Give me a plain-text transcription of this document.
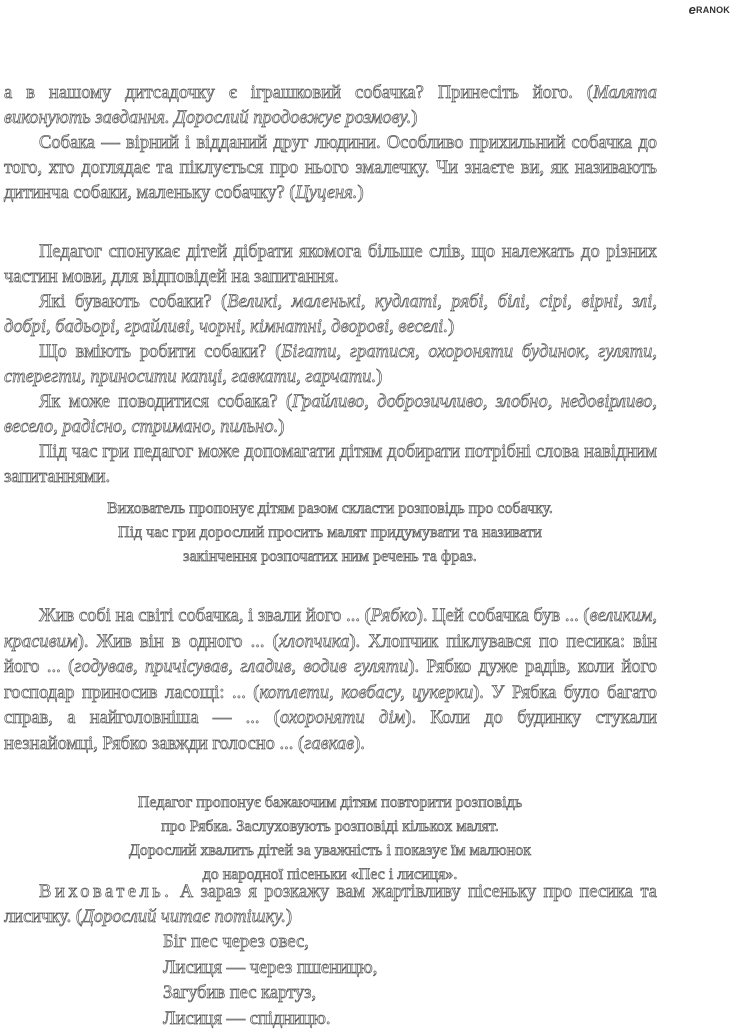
eRANOK

а в нашому дитсадочку є іграшковий собачка? Принесіть його. (Малята виконують завдання. Дорослий продовжує розмову.)

Собака — вірний і відданий друг людини. Особливо прихильний собачка до того, хто доглядає та піклується про нього змалечку. Чи знаєте ви, як називають дитинча собаки, маленьку собачку? (Цуценя.)

Педагог спонукає дітей дібрати якомога більше слів, що належать до різних частин мови, для відповідей на запитання.

Які бувають собаки? (Великі, маленькі, кудлаті, рябі, білі, сірі, вірні, злі, добрі, бадьорі, грайливі, чорні, кімнатні, дворові, веселі.)

Що вміють робити собаки? (Бігати, гратися, охороняти будинок, гуляти, стерегти, приносити капці, гавкати, гарчати.)

Як може поводитися собака? (Грайливо, доброзичливо, злобно, недовірливо, весело, радісно, стримано, пильно.)

Під час гри педагог може допомагати дітям добирати потрібні слова навідним запитаннями.

Вихователь пропонує дітям разом скласти розповідь про собачку.
Під час гри дорослий просить малят придумувати та називати
закінчення розпочатих ним речень та фраз.

Жив собі на світі собачка, і звали його ... (Рябко). Цей собачка був ... (великим, красивим). Жив він в одного ... (хлопчика). Хлопчик піклувався по песика: він його ... (годував, причісував, гладив, водив гуляти). Рябко дуже радів, коли його господар приносив ласощі: ... (котлети, ковбасу, цукерки). У Рябка було багато справ, а найголовніша — ... (охороняти дім). Коли до будинку стукали незнайомці, Рябко завжди голосно ... (гавкав).

Педагог пропонує бажаючим дітям повторити розповідь
про Рябка. Заслуховують розповіді кількох малят.
Дорослий хвалить дітей за уважність і показує їм малюнок
до народної пісеньки «Пес і лисиця».

Вихователь. А зараз я розкажу вам жартівливу пісеньку про песика та лисичку. (Дорослий читає потішку.)

Біг пес через овес,
Лисиця — через пшеницю,
Загубив пес картуз,
Лисиця — спідницю.
